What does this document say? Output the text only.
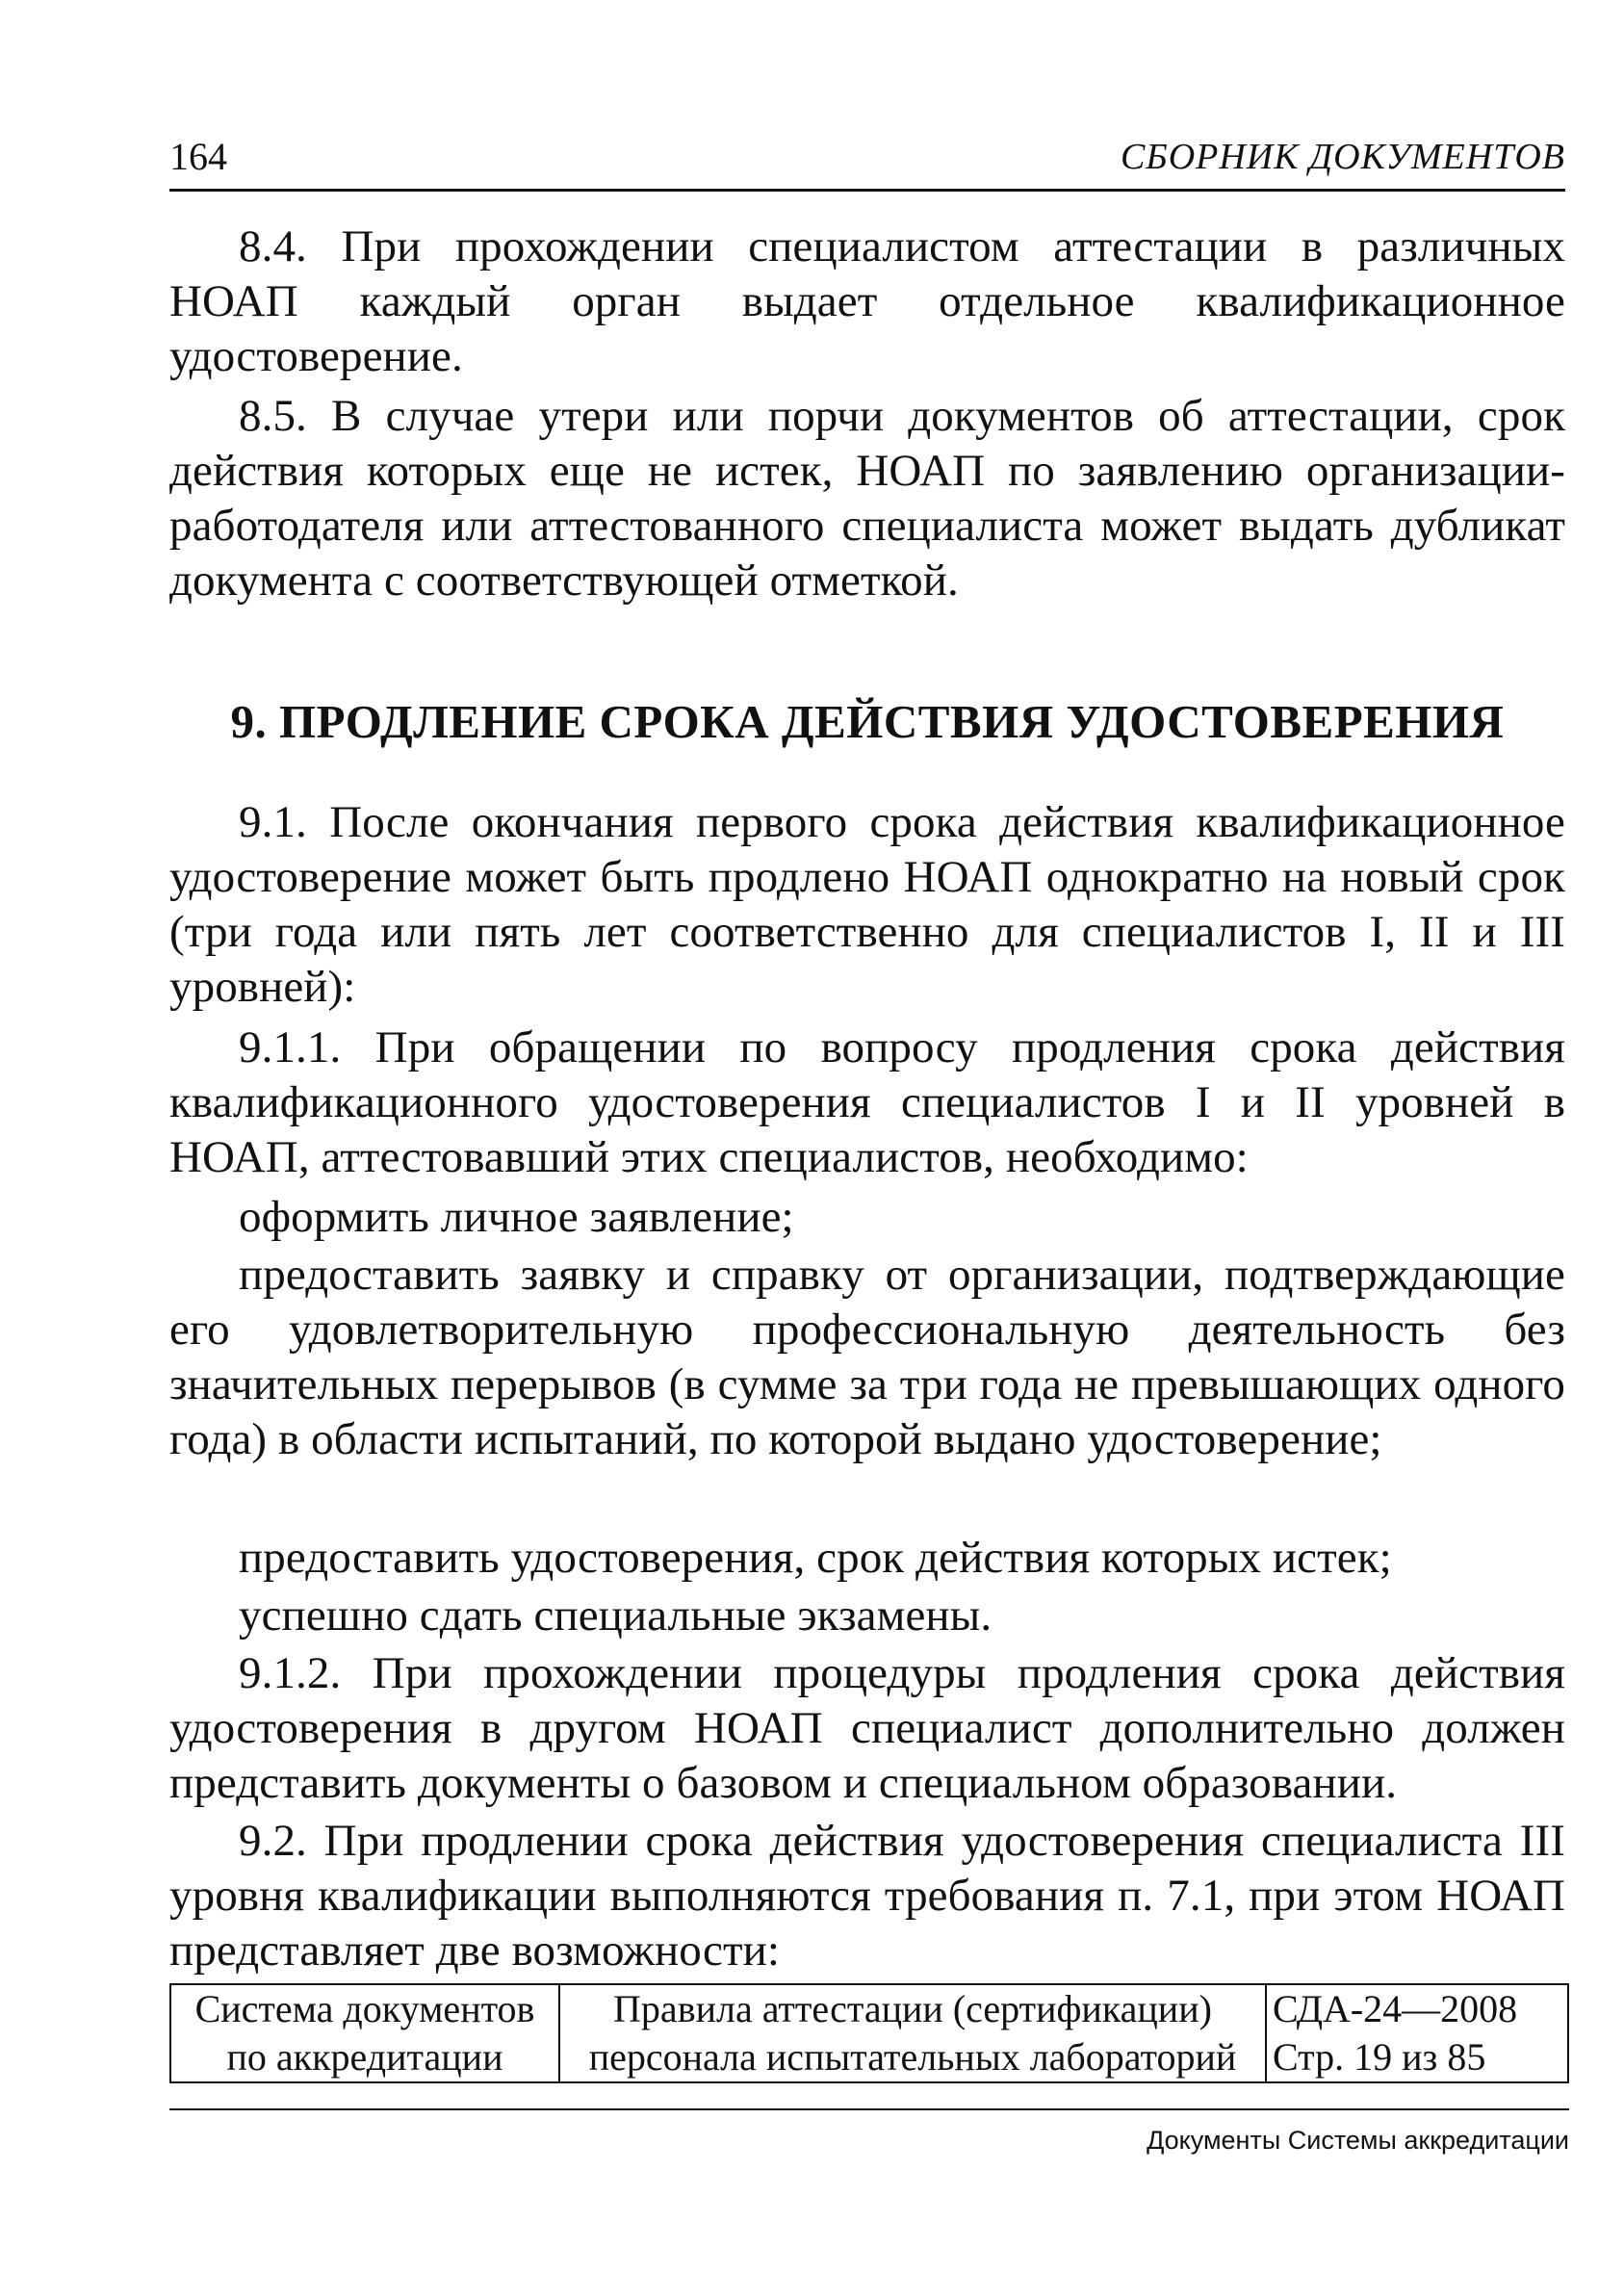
164	СБОРНИК ДОКУМЕНТОВ

8.4. При прохождении специалистом аттестации в различных НОАП каждый орган выдает отдельное квалификационное удостоверение.

8.5. В случае утери или порчи документов об аттестации, срок действия которых еще не истек, НОАП по заявлению организации-работодателя или аттестованного специалиста может выдать дубликат документа с соответствующей отметкой.

9. ПРОДЛЕНИЕ СРОКА ДЕЙСТВИЯ УДОСТОВЕРЕНИЯ

9.1. После окончания первого срока действия квалификационное удостоверение может быть продлено НОАП однократно на новый срок (три года или пять лет соответственно для специалистов I, II и III уровней):

9.1.1. При обращении по вопросу продления срока действия квалификационного удостоверения специалистов I и II уровней в НОАП, аттестовавший этих специалистов, необходимо:

оформить личное заявление;

предоставить заявку и справку от организации, подтверждающие его удовлетворительную профессиональную деятельность без значительных перерывов (в сумме за три года не превышающих одного года) в области испытаний, по которой выдано удостоверение;

предоставить удостоверения, срок действия которых истек;

успешно сдать специальные экзамены.

9.1.2. При прохождении процедуры продления срока действия удостоверения в другом НОАП специалист дополнительно должен представить документы о базовом и специальном образовании.

9.2. При продлении срока действия удостоверения специалиста III уровня квалификации выполняются требования п. 7.1, при этом НОАП представляет две возможности:

Система документов
по аккредитации

Правила аттестации (сертификации)
персонала испытательных лабораторий

СДА-24—2008
Стр. 19 из 85
Документы Системы аккредитации
